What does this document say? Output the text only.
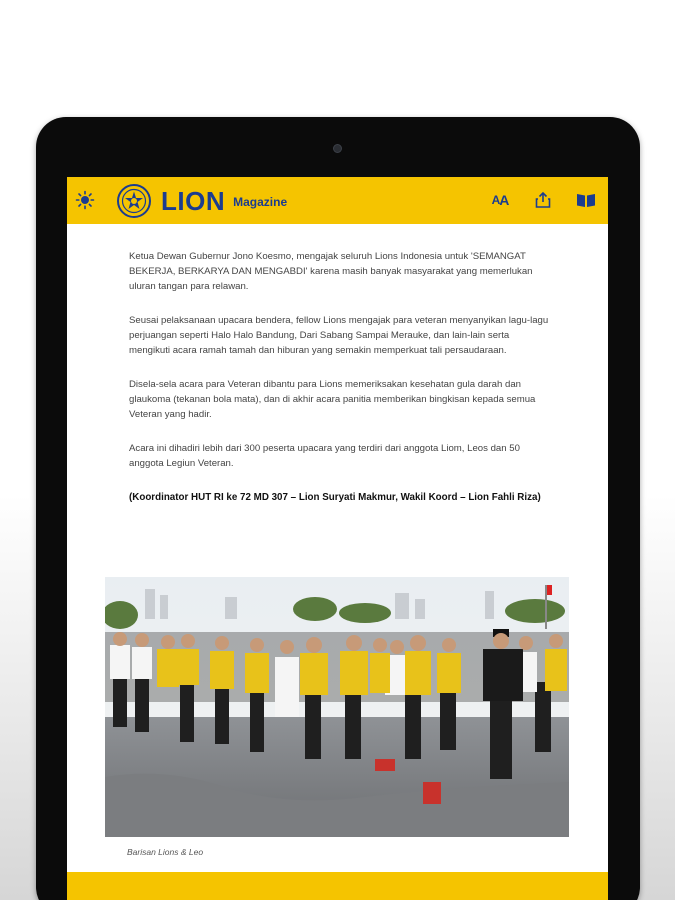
LION Magazine	A A

Ketua Dewan Gubernur Jono Koesmo, mengajak seluruh Lions Indonesia untuk 'SEMANGAT BEKERJA, BERKARYA DAN MENGABDI' karena masih banyak masyarakat yang memerlukan uluran tangan para relawan.

Seusai pelaksanaan upacara bendera, fellow Lions mengajak para veteran menyanyikan lagu-lagu perjuangan seperti Halo Halo Bandung, Dari Sabang Sampai Merauke, dan lain-lain serta mengikuti acara ramah tamah dan hiburan yang semakin memperkuat tali persaudaraan.

Disela-sela acara para Veteran dibantu para Lions memeriksakan kesehatan gula darah dan glaukoma (tekanan bola mata), dan di akhir acara panitia memberikan bingkisan kepada semua Veteran yang hadir.

Acara ini dihadiri lebih dari 300 peserta upacara yang terdiri dari anggota Liom, Leos dan 50 anggota Legiun Veteran.

(Koordinator HUT RI ke 72 MD 307 – Lion Suryati Makmur, Wakil Koord – Lion Fahli Riza)

Barisan Lions & Leo
